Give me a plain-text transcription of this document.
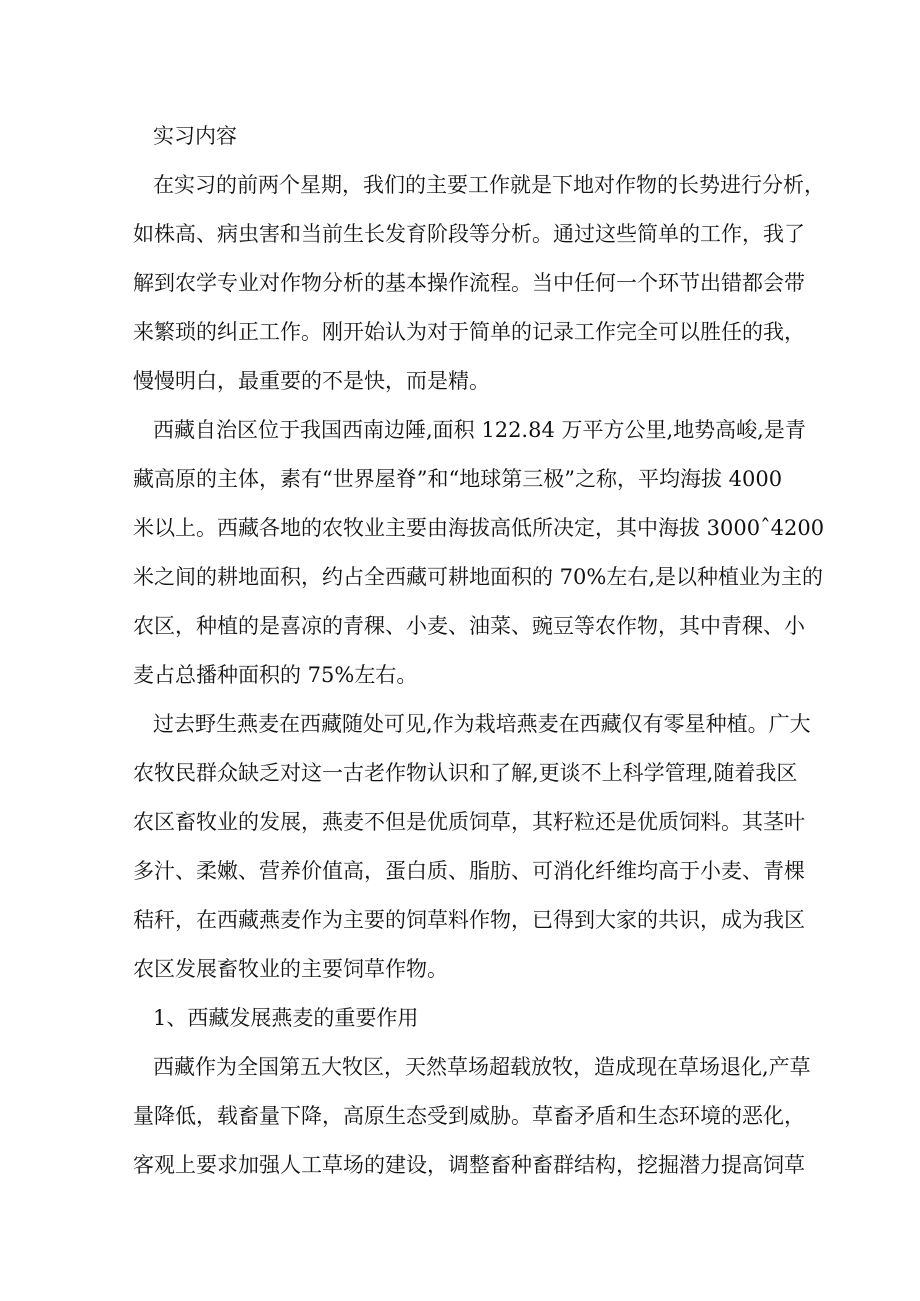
实习内容
在实习的前两个星期，我们的主要工作就是下地对作物的长势进行分析，
如株高、病虫害和当前生长发育阶段等分析。通过这些简单的工作，我了
解到农学专业对作物分析的基本操作流程。当中任何一个环节出错都会带
来繁琐的纠正工作。刚开始认为对于简单的记录工作完全可以胜任的我，
慢慢明白，最重要的不是快，而是精。
西藏自治区位于我国西南边陲,面积 122.84 万平方公里,地势高峻,是青
藏高原的主体，素有“世界屋脊”和“地球第三极”之称，平均海拔 4000
米以上。西藏各地的农牧业主要由海拔高低所决定，其中海拔 3000ˆ4200
米之间的耕地面积，约占全西藏可耕地面积的 70%左右,是以种植业为主的
农区，种植的是喜凉的青稞、小麦、油菜、豌豆等农作物，其中青稞、小
麦占总播种面积的 75%左右。
过去野生燕麦在西藏随处可见,作为栽培燕麦在西藏仅有零星种植。广大
农牧民群众缺乏对这一古老作物认识和了解,更谈不上科学管理,随着我区
农区畜牧业的发展，燕麦不但是优质饲草，其籽粒还是优质饲料。其茎叶
多汁、柔嫩、营养价值高，蛋白质、脂肪、可消化纤维均高于小麦、青棵
秸秆，在西藏燕麦作为主要的饲草料作物，已得到大家的共识，成为我区
农区发展畜牧业的主要饲草作物。
1、西藏发展燕麦的重要作用
西藏作为全国第五大牧区，天然草场超载放牧，造成现在草场退化,产草
量降低，载畜量下降，高原生态受到威胁。草畜矛盾和生态环境的恶化，
客观上要求加强人工草场的建设，调整畜种畜群结构，挖掘潜力提高饲草
